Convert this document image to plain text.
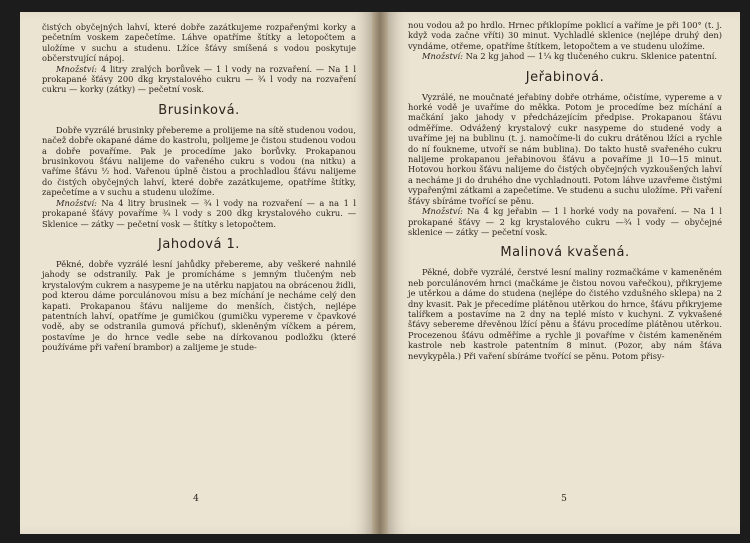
čistých obyčejných lahví, které dobře zazátkujeme rozpařenými korky a pečetním voskem zapečetíme. Láhve opatříme štítky a letopočtem a uložíme v suchu a studenu. Lžíce šťávy smíšená s vodou poskytuje občerstvující nápoj.

Množství: 4 litry zralých borůvek — 1 l vody na rozvaření. — Na 1 l prokapané šťávy 200 dkg krystalového cukru — ¾ l vody na rozvaření cukru — korky (zátky) — pečetní vosk.

Brusinková.

Dobře vyzrálé brusinky přebereme a prolijeme na sítě studenou vodou, načež dobře okapané dáme do kastrolu, polijeme je čistou studenou vodou a dobře povaříme. Pak je procedíme jako borůvky. Prokapanou brusinkovou šťávu nalijeme do vařeného cukru s vodou (na nitku) a vaříme šťávu ½ hod. Vařenou úplně čistou a prochladlou šťávu nalijeme do čistých obyčejných lahví, které dobře zazátkujeme, opatříme štítky, zapečetíme a v suchu a studenu uložíme.

Množství: Na 4 litry brusinek — ¾ l vody na rozvaření — a na 1 l prokapané šťávy povaříme ¾ l vody s 200 dkg krystalového cukru. — Sklenice — zátky — pečetní vosk — štítky s letopočtem.

Jahodová 1.

Pěkné, dobře vyzrálé lesní jahůdky přebereme, aby veškeré nahnilé jahody se odstranily. Pak je promícháme s jemným tlučeným neb krystalovým cukrem a nasypeme je na utěrku napjatou na obrácenou židli, pod kterou dáme porculánovou mísu a bez míchání je necháme celý den kapati. Prokapanou šťávu nalijeme do menších, čistých, nejlépe patentních lahví, opatříme je gumičkou (gumičku vypereme v čpavkové vodě, aby se odstranila gumová příchuť), skleněným víčkem a pérem, postavíme je do hrnce vedle sebe na dírkovanou podložku (které používáme při vaření brambor) a zalijeme je stude-

4

nou vodou až po hrdlo. Hrnec přiklopíme poklicí a vaříme je při 100° (t. j. když voda začne vříti) 30 minut. Vychladlé sklenice (nejlépe druhý den) vyndáme, otřeme, opatříme štítkem, letopočtem a ve studenu uložíme.

Množství: Na 2 kg jahod — 1¼ kg tlučeného cukru. Sklenice patentní.

Jeřabinová.

Vyzrálé, ne moučnaté jeřabiny dobře otrháme, očistíme, vypereme a v horké vodě je uvaříme do měkka. Potom je procedíme bez míchání a mačkání jako jahody v předcházejícím předpise. Prokapanou šťávu odměříme. Odvážený krystalový cukr nasypeme do studené vody a uvaříme jej na bublinu (t. j. namočíme-li do cukru drátěnou lžíci a rychle do ní foukneme, utvoří se nám bublina). Do takto hustě svařeného cukru nalijeme prokapanou jeřabinovou šťávu a povaříme ji 10—15 minut. Hotovou horkou šťávu nalijeme do čistých obyčejných vyzkoušených lahví a necháme ji do druhého dne vychladnouti. Potom láhve uzavřeme čistými vypařenými zátkami a zapečetíme. Ve studenu a suchu uložíme. Při vaření šťávy sbíráme tvořící se pěnu.

Množství: Na 4 kg jeřabin — 1 l horké vody na povaření. — Na 1 l prokapané šťávy — 2 kg krystalového cukru —¾ l vody — obyčejné sklenice — zátky — pečetní vosk.

Malinová kvašená.

Pěkné, dobře vyzrálé, čerstvé lesní maliny rozmačkáme v kameněném neb porculánovém hrnci (mačkáme je čistou novou vařečkou), přikryjeme je utěrkou a dáme do studena (nejlépe do čistého vzdušného sklepa) na 2 dny kvasit. Pak je přecedíme plátěnou utěrkou do hrnce, šťávu přikryjeme talířkem a postavíme na 2 dny na teplé místo v kuchyni. Z vykvašené šťávy sebereme dřevěnou lžící pěnu a šťávu procedíme plátěnou utěrkou. Procezenou šťávu odměříme a rychle ji povaříme v čistém kameněném kastrole neb kastrole patentním 8 minut. (Pozor, aby nám šťáva nevykypěla.) Při vaření sbíráme tvořící se pěnu. Potom přisy-

5
